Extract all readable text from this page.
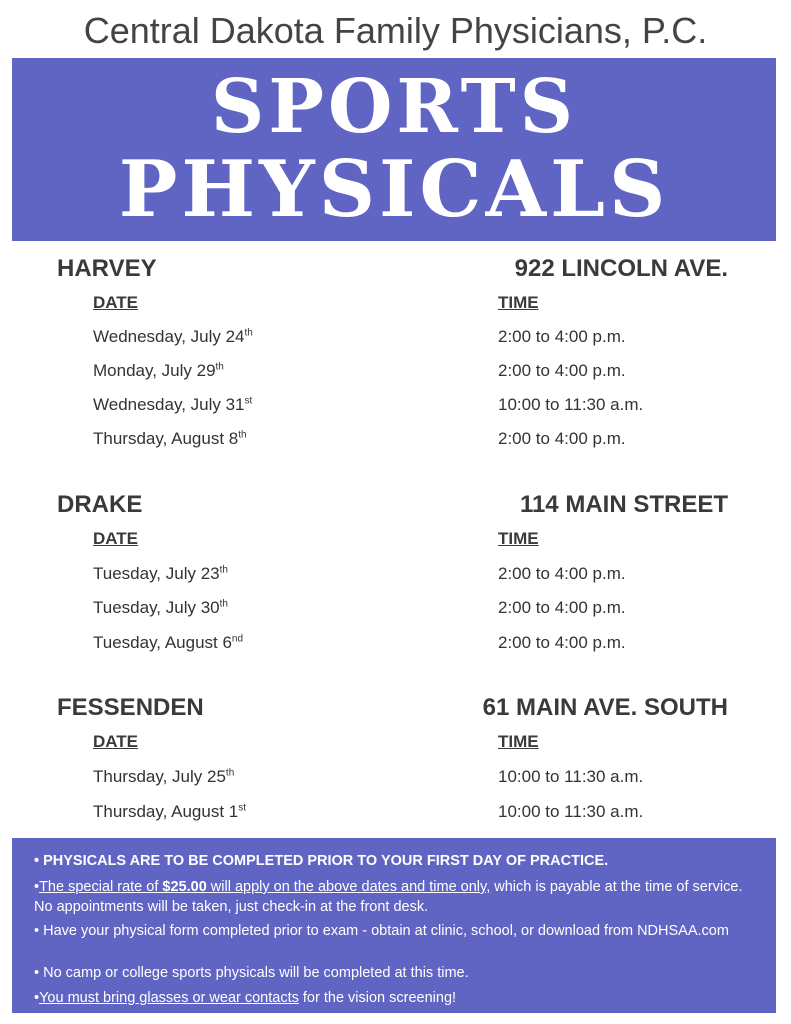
Central Dakota Family Physicians, P.C.
SPORTS
PHYSICALS
HARVEY	922 LINCOLN AVE.
DATE	TIME
Wednesday, July 24th	2:00 to 4:00 p.m.
Monday, July 29th	2:00 to 4:00 p.m.
Wednesday, July 31st	10:00 to 11:30 a.m.
Thursday, August 8th	2:00 to 4:00 p.m.
DRAKE	114 MAIN STREET
DATE	TIME
Tuesday, July 23th	2:00 to 4:00 p.m.
Tuesday, July 30th	2:00 to 4:00 p.m.
Tuesday, August 6nd	2:00 to 4:00 p.m.
FESSENDEN	61 MAIN AVE. SOUTH
DATE	TIME
Thursday, July 25th	10:00 to 11:30 a.m.
Thursday, August 1st	10:00 to 11:30 a.m.
• PHYSICALS ARE TO BE COMPLETED PRIOR TO YOUR FIRST DAY OF PRACTICE.
•The special rate of $25.00 will apply on the above dates and time only, which is payable at the time of service. No appointments will be taken, just check-in at the front desk.
• Have your physical form completed prior to exam - obtain at clinic, school, or download from NDHSAA.com
• No camp or college sports physicals will be completed at this time.
•You must bring glasses or wear contacts for the vision screening!
